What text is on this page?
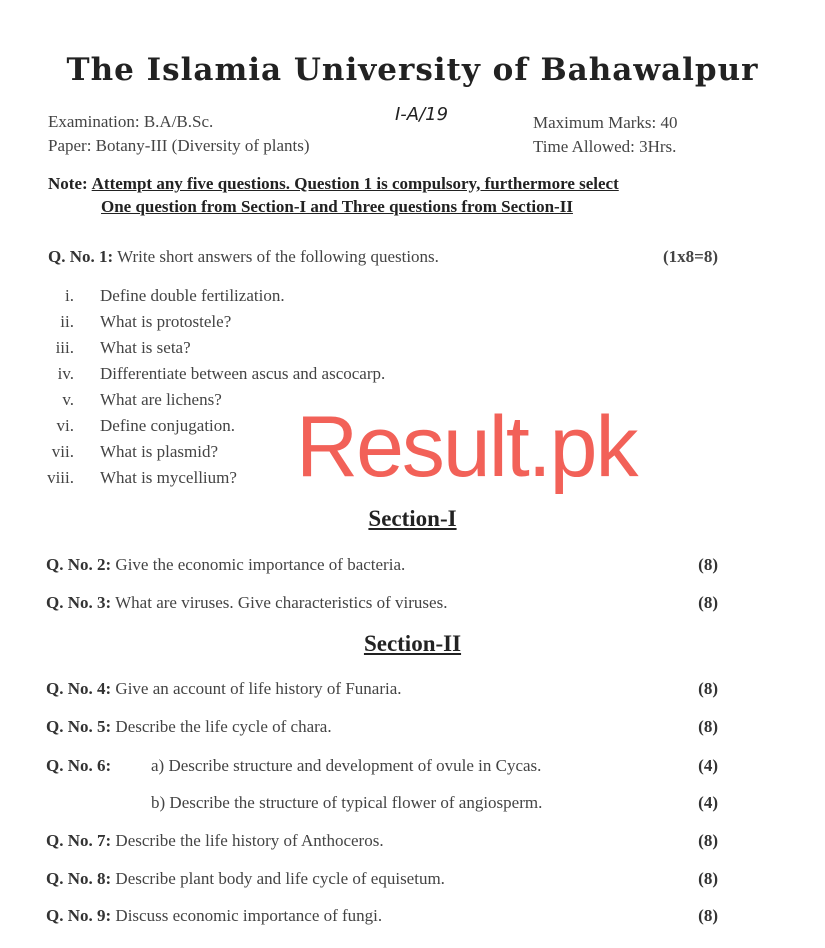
The Islamia University of Bahawalpur
Examination: B.A/B.Sc.
Paper: Botany-III (Diversity of plants)
I-A/19	Maximum Marks: 40
Time Allowed: 3Hrs.
Note: Attempt any five questions. Question 1 is compulsory, furthermore select
One question from Section-I and Three questions from Section-II
Q. No. 1: Write short answers of the following questions.	(1x8=8)
i. Define double fertilization.
ii. What is protostele?
iii. What is seta?
iv. Differentiate between ascus and ascocarp.
v. What are lichens?
vi. Define conjugation.
vii. What is plasmid?
viii. What is mycellium? Result.pk
Section-I
Q. No. 2: Give the economic importance of bacteria.	(8)
Q. No. 3: What are viruses. Give characteristics of viruses.	(8)
Section-II
Q. No. 4: Give an account of life history of Funaria.	(8)
Q. No. 5: Describe the life cycle of chara.	(8)
Q. No. 6: a) Describe structure and development of ovule in Cycas.	(4)
b) Describe the structure of typical flower of angiosperm.	(4)
Q. No. 7: Describe the life history of Anthoceros.	(8)
Q. No. 8: Describe plant body and life cycle of equisetum.	(8)
Q. No. 9: Discuss economic importance of fungi.	(8)
